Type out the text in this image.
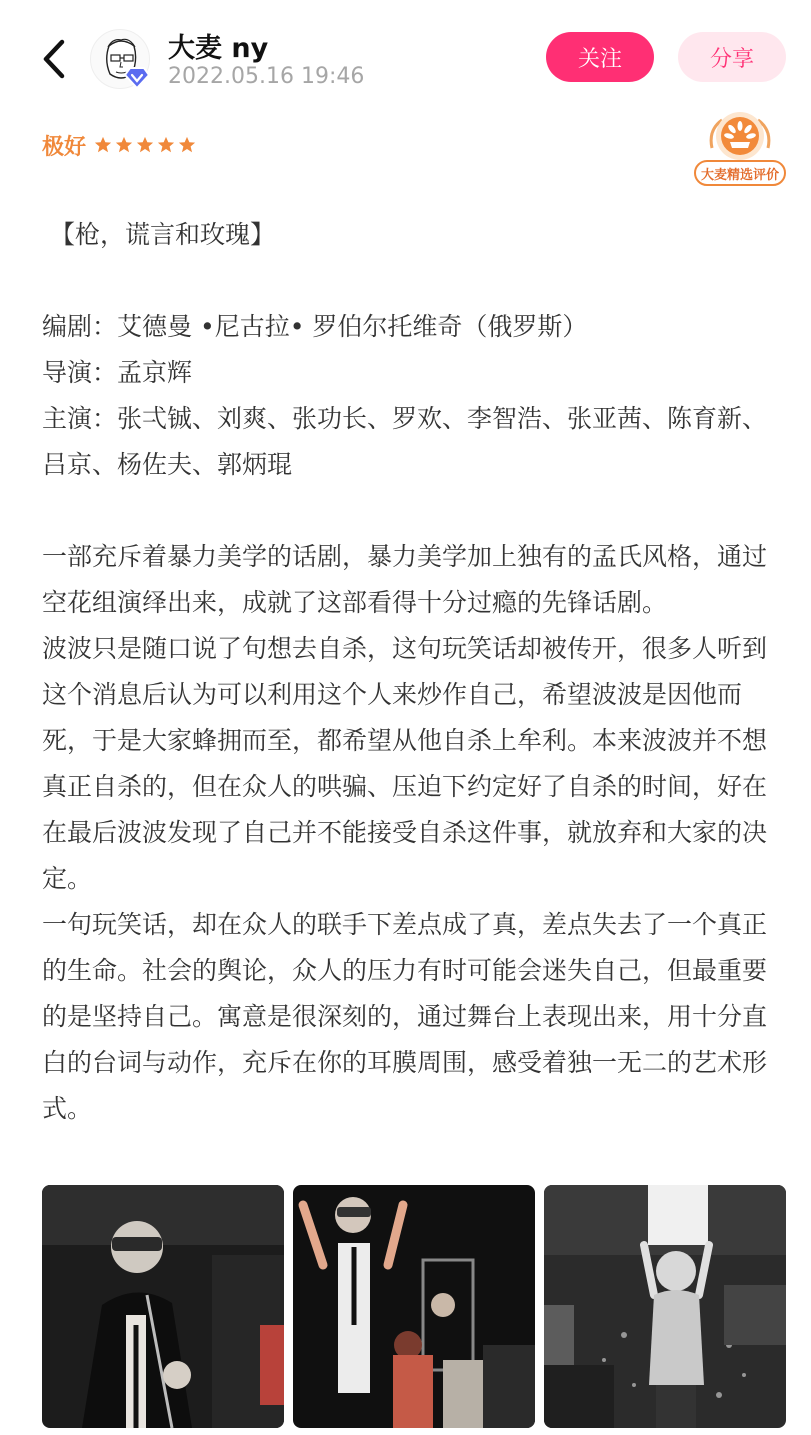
大麦 ny
2022.05.16 19:46
关注	分享
极好
大麦精选评价

【枪，谎言和玫瑰】

编剧：艾德曼 •尼古拉• 罗伯尔托维奇（俄罗斯）

导演：孟京辉

主演：张弌铖、刘爽、张功长、罗欢、李智浩、张亚茜、陈育新、吕京、杨佐夫、郭炳琨

一部充斥着暴力美学的话剧，暴力美学加上独有的孟氏风格，通过空花组演绎出来，成就了这部看得十分过瘾的先锋话剧。

波波只是随口说了句想去自杀，这句玩笑话却被传开，很多人听到这个消息后认为可以利用这个人来炒作自己，希望波波是因他而死，于是大家蜂拥而至，都希望从他自杀上牟利。本来波波并不想真正自杀的，但在众人的哄骗、压迫下约定好了自杀的时间，好在在最后波波发现了自己并不能接受自杀这件事，就放弃和大家的决定。

一句玩笑话，却在众人的联手下差点成了真，差点失去了一个真正的生命。社会的舆论，众人的压力有时可能会迷失自己，但最重要的是坚持自己。寓意是很深刻的，通过舞台上表现出来，用十分直白的台词与动作，充斥在你的耳膜周围，感受着独一无二的艺术形式。
